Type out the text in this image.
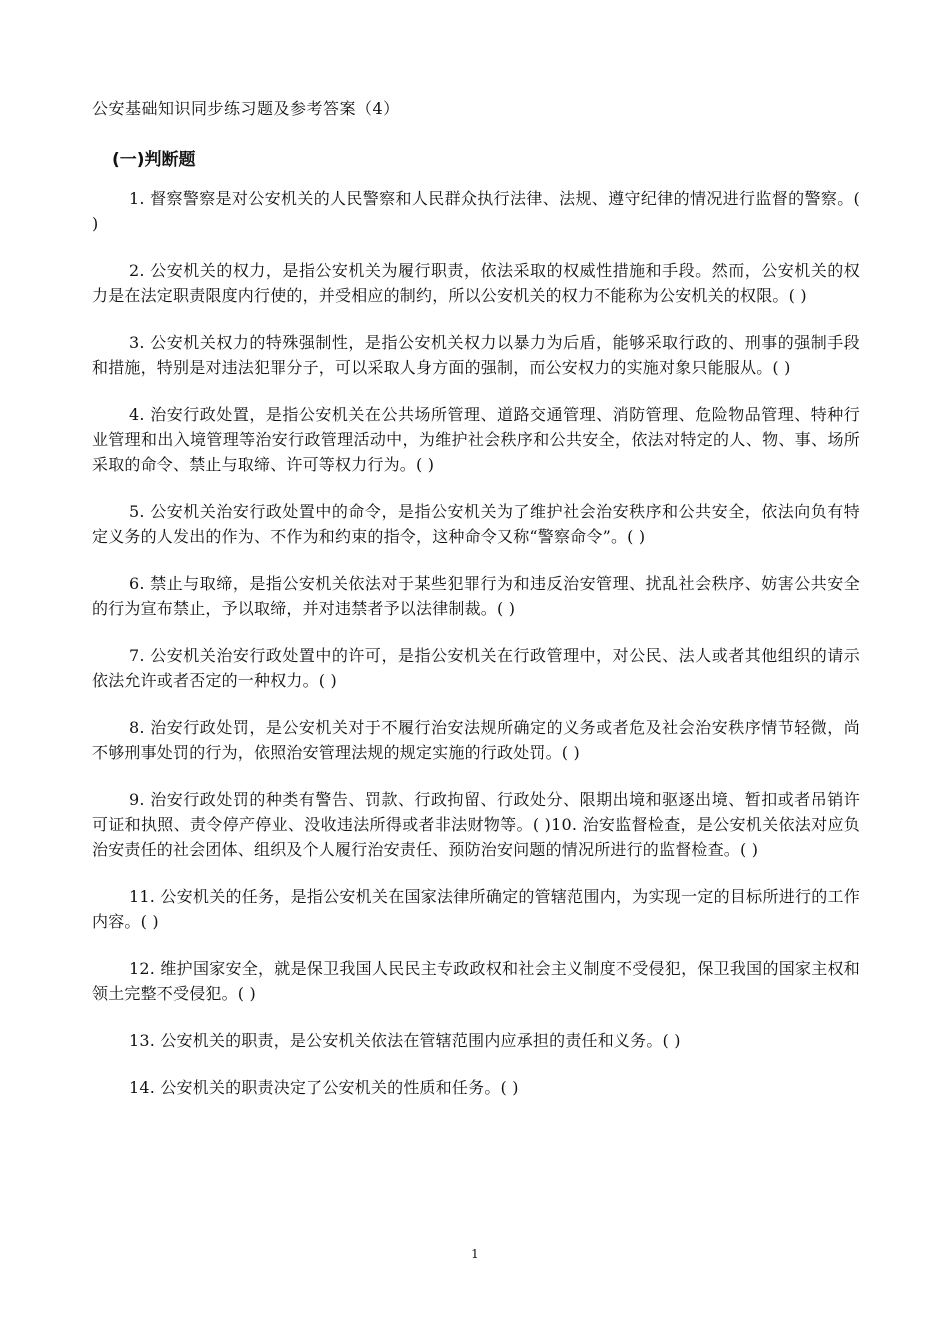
公安基础知识同步练习题及参考答案（4）
(一)判断题

1. 督察警察是对公安机关的人民警察和人民群众执行法律、法规、遵守纪律的情况进行监督的警察。( )

2. 公安机关的权力，是指公安机关为履行职责，依法采取的权威性措施和手段。然而，公安机关的权力是在法定职责限度内行使的，并受相应的制约，所以公安机关的权力不能称为公安机关的权限。( )

3. 公安机关权力的特殊强制性，是指公安机关权力以暴力为后盾，能够采取行政的、刑事的强制手段和措施，特别是对违法犯罪分子，可以采取人身方面的强制，而公安权力的实施对象只能服从。( )

4. 治安行政处置，是指公安机关在公共场所管理、道路交通管理、消防管理、危险物品管理、特种行业管理和出入境管理等治安行政管理活动中，为维护社会秩序和公共安全，依法对特定的人、物、事、场所采取的命令、禁止与取缔、许可等权力行为。( )

5. 公安机关治安行政处置中的命令，是指公安机关为了维护社会治安秩序和公共安全，依法向负有特定义务的人发出的作为、不作为和约束的指令，这种命令又称“警察命令”。( )

6. 禁止与取缔，是指公安机关依法对于某些犯罪行为和违反治安管理、扰乱社会秩序、妨害公共安全的行为宣布禁止，予以取缔，并对违禁者予以法律制裁。( )

7. 公安机关治安行政处置中的许可，是指公安机关在行政管理中，对公民、法人或者其他组织的请示依法允许或者否定的一种权力。( )

8. 治安行政处罚，是公安机关对于不履行治安法规所确定的义务或者危及社会治安秩序情节轻微，尚不够刑事处罚的行为，依照治安管理法规的规定实施的行政处罚。( )

9. 治安行政处罚的种类有警告、罚款、行政拘留、行政处分、限期出境和驱逐出境、暂扣或者吊销许可证和执照、责令停产停业、没收违法所得或者非法财物等。( )10. 治安监督检查，是公安机关依法对应负治安责任的社会团体、组织及个人履行治安责任、预防治安问题的情况所进行的监督检查。( )

11. 公安机关的任务，是指公安机关在国家法律所确定的管辖范围内，为实现一定的目标所进行的工作内容。( )

12. 维护国家安全，就是保卫我国人民民主专政政权和社会主义制度不受侵犯，保卫我国的国家主权和领土完整不受侵犯。( )

13. 公安机关的职责，是公安机关依法在管辖范围内应承担的责任和义务。( )

14. 公安机关的职责决定了公安机关的性质和任务。( )

1
